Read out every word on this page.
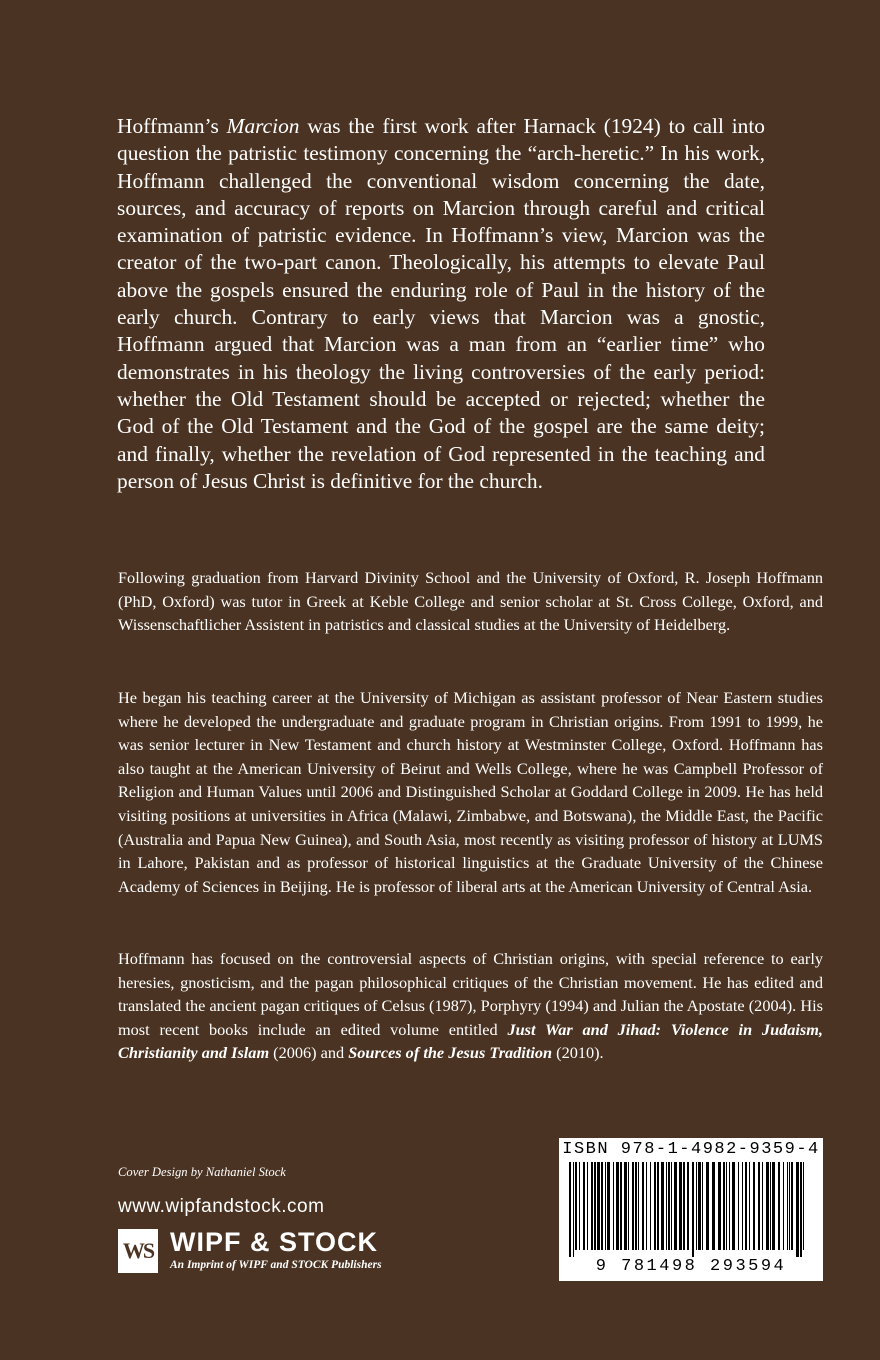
Hoffmann’s Marcion was the first work after Harnack (1924) to call into question the patristic testimony concerning the “arch-heretic.” In his work, Hoffmann challenged the conventional wisdom concerning the date, sources, and accuracy of reports on Marcion through careful and critical examination of patristic evidence. In Hoffmann’s view, Marcion was the creator of the two-part canon. Theologically, his attempts to elevate Paul above the gospels ensured the enduring role of Paul in the history of the early church. Contrary to early views that Marcion was a gnostic, Hoffmann argued that Marcion was a man from an “earlier time” who demonstrates in his theology the living controversies of the early period: whether the Old Testament should be accepted or rejected; whether the God of the Old Testament and the God of the gospel are the same deity; and finally, whether the revelation of God represented in the teaching and person of Jesus Christ is definitive for the church.

Following graduation from Harvard Divinity School and the University of Oxford, R. Joseph Hoffmann (PhD, Oxford) was tutor in Greek at Keble College and senior scholar at St. Cross College, Oxford, and Wissenschaftlicher Assistent in patristics and classical studies at the University of Heidelberg.

He began his teaching career at the University of Michigan as assistant professor of Near Eastern studies where he developed the undergraduate and graduate program in Christian origins. From 1991 to 1999, he was senior lecturer in New Testament and church history at Westminster College, Oxford. Hoffmann has also taught at the American University of Beirut and Wells College, where he was Campbell Professor of Religion and Human Values until 2006 and Distinguished Scholar at Goddard College in 2009. He has held visiting positions at universities in Africa (Malawi, Zimbabwe, and Botswana), the Middle East, the Pacific (Australia and Papua New Guinea), and South Asia, most recently as visiting professor of history at LUMS in Lahore, Pakistan and as professor of historical linguistics at the Graduate University of the Chinese Academy of Sciences in Beijing. He is professor of liberal arts at the American University of Central Asia.

Hoffmann has focused on the controversial aspects of Christian origins, with special reference to early heresies, gnosticism, and the pagan philosophical critiques of the Christian movement. He has edited and translated the ancient pagan critiques of Celsus (1987), Porphyry (1994) and Julian the Apostate (2004). His most recent books include an edited volume entitled Just War and Jihad: Violence in Judaism, Christianity and Islam (2006) and Sources of the Jesus Tradition (2010).

Cover Design by Nathaniel Stock
www.wipfandstock.com
WS WIPF & STOCK
An Imprint of WIPF and STOCK Publishers
ISBN 978-1-4982-9359-4
9 781498 293594
